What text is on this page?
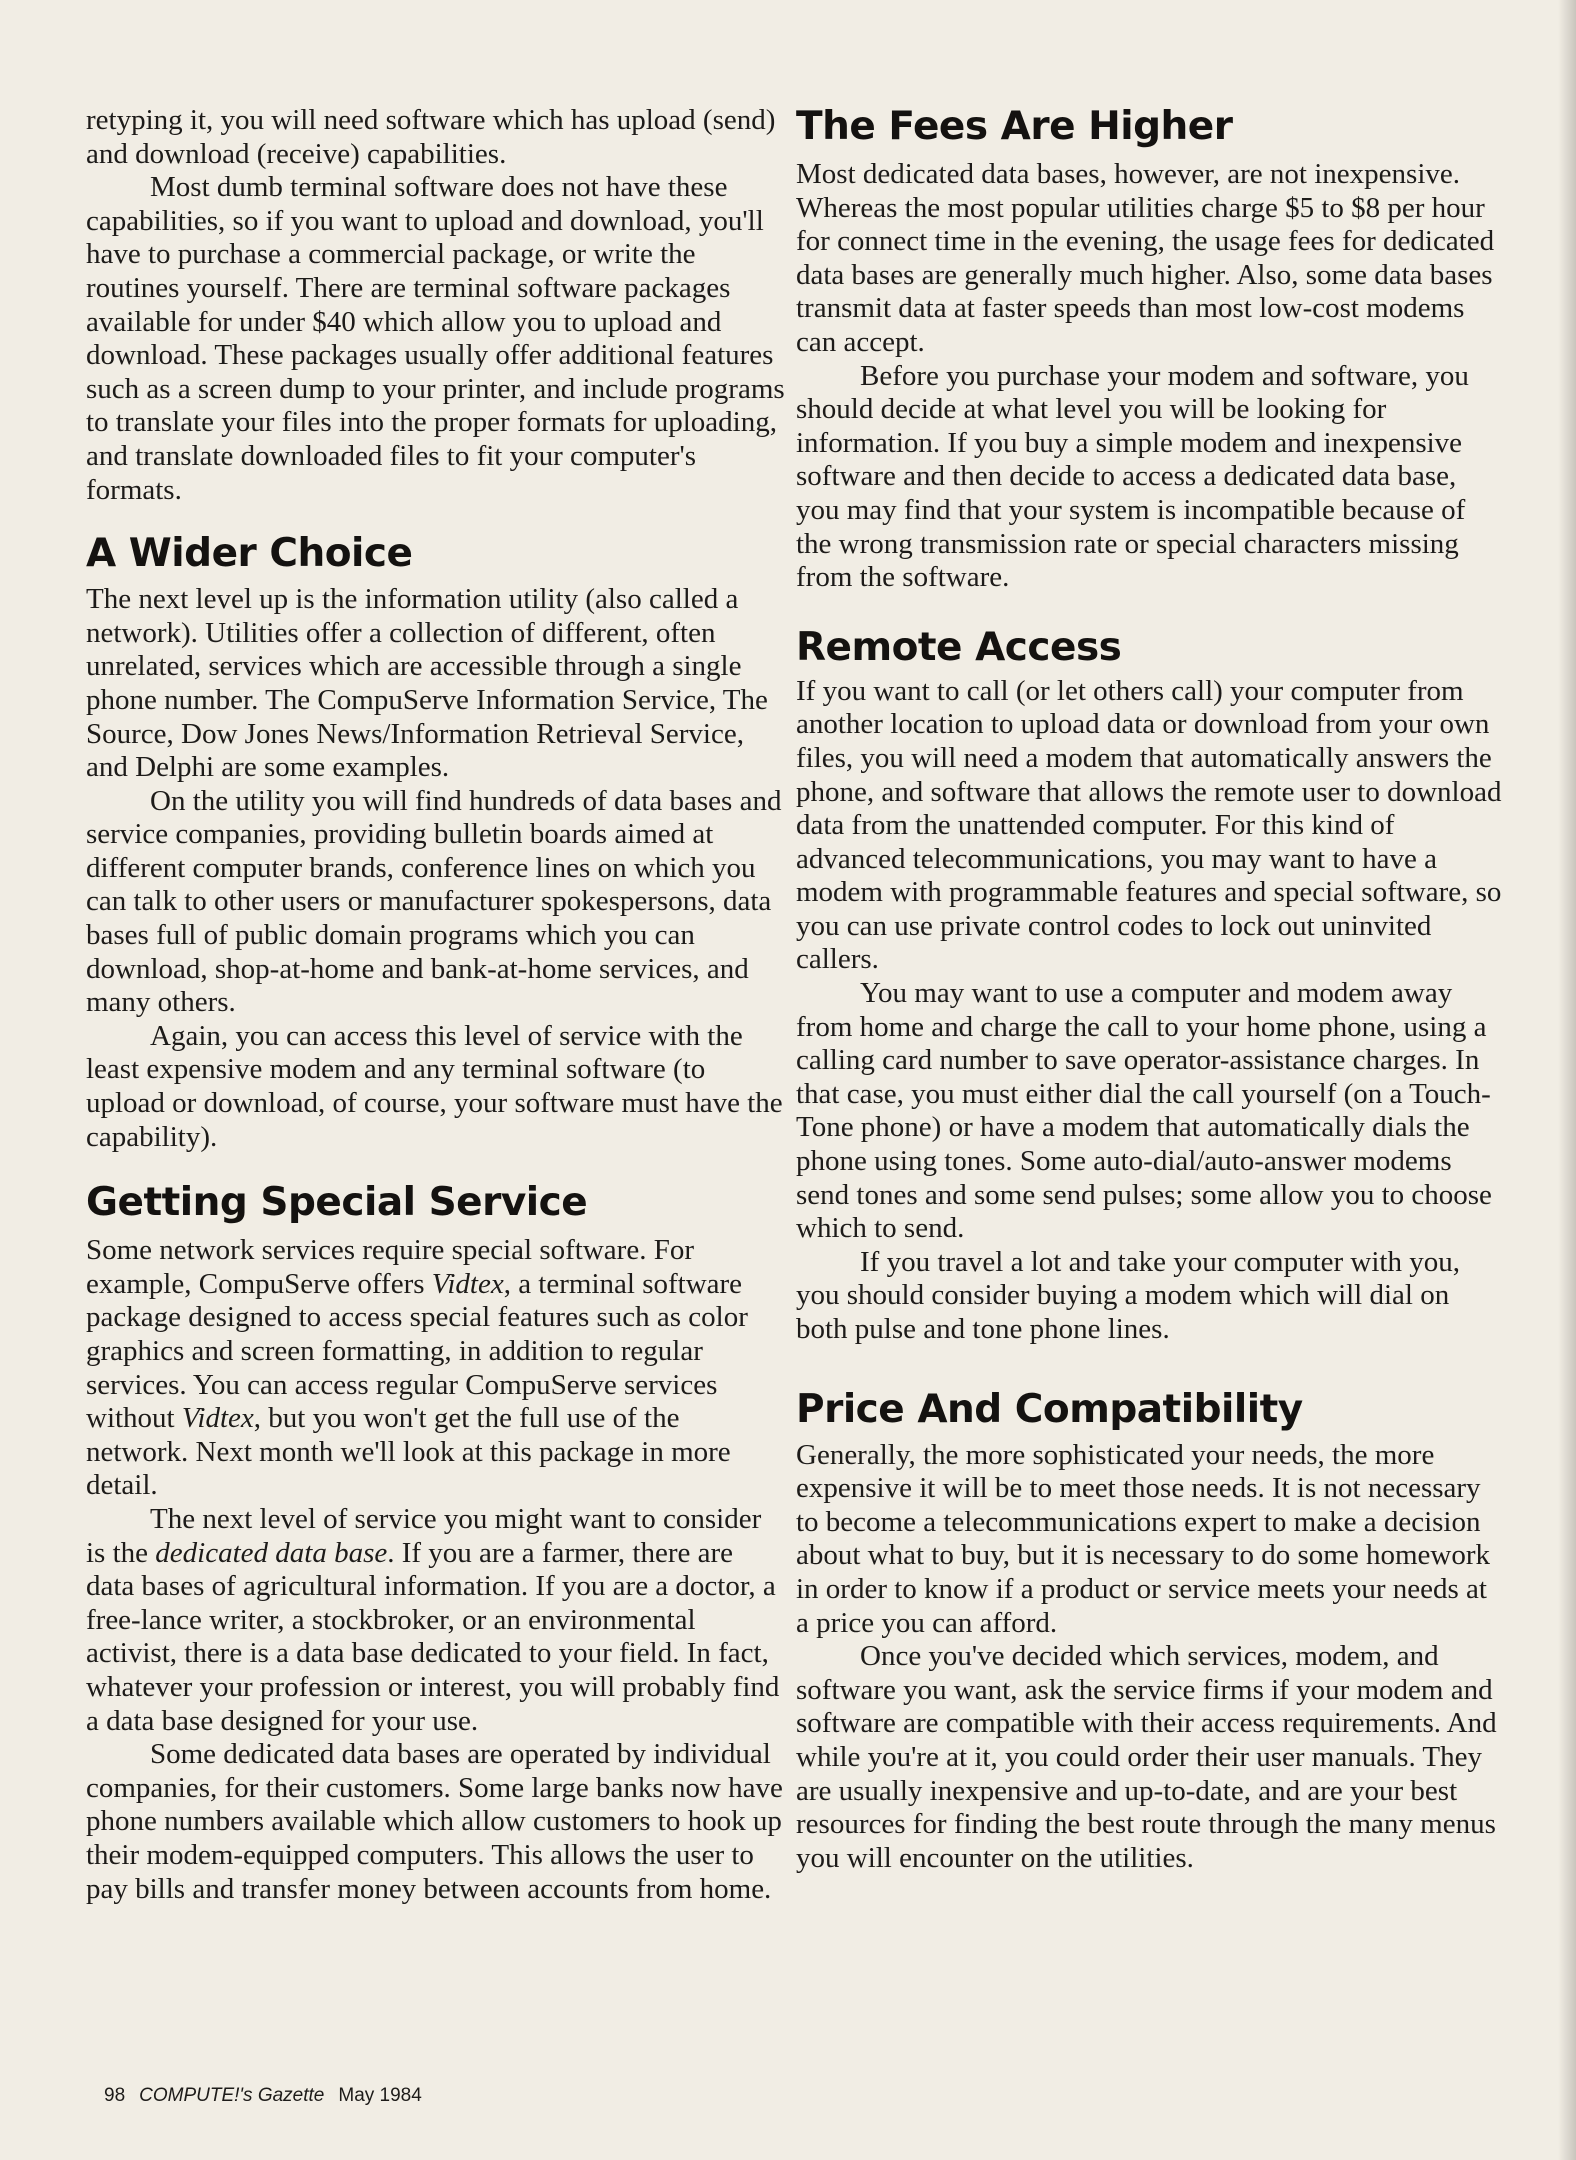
retyping it, you will need software which has upload (send) and download (receive) capabilities.

Most dumb terminal software does not have these capabilities, so if you want to upload and download, you'll have to purchase a commercial package, or write the routines yourself. There are terminal software packages available for under $40 which allow you to upload and download. These packages usually offer additional features such as a screen dump to your printer, and include programs to translate your files into the proper formats for uploading, and translate downloaded files to fit your computer's formats.

A Wider Choice

The next level up is the information utility (also called a network). Utilities offer a collection of different, often unrelated, services which are accessible through a single phone number. The CompuServe Information Service, The Source, Dow Jones News/Information Retrieval Service, and Delphi are some examples.

On the utility you will find hundreds of data bases and service companies, providing bulletin boards aimed at different computer brands, conference lines on which you can talk to other users or manufacturer spokespersons, data bases full of public domain programs which you can download, shop-at-home and bank-at-home services, and many others.

Again, you can access this level of service with the least expensive modem and any terminal software (to upload or download, of course, your software must have the capability).

Getting Special Service

Some network services require special software. For example, CompuServe offers Vidtex, a terminal software package designed to access special features such as color graphics and screen formatting, in addition to regular services. You can access regular CompuServe services without Vidtex, but you won't get the full use of the network. Next month we'll look at this package in more detail.

The next level of service you might want to consider is the dedicated data base. If you are a farmer, there are data bases of agricultural information. If you are a doctor, a free-lance writer, a stockbroker, or an environmental activist, there is a data base dedicated to your field. In fact, whatever your profession or interest, you will probably find a data base designed for your use.

Some dedicated data bases are operated by individual companies, for their customers. Some large banks now have phone numbers available which allow customers to hook up their modem-equipped computers. This allows the user to pay bills and transfer money between accounts from home.

The Fees Are Higher

Most dedicated data bases, however, are not inexpensive. Whereas the most popular utilities charge $5 to $8 per hour for connect time in the evening, the usage fees for dedicated data bases are generally much higher. Also, some data bases transmit data at faster speeds than most low-cost modems can accept.

Before you purchase your modem and software, you should decide at what level you will be looking for information. If you buy a simple modem and inexpensive software and then decide to access a dedicated data base, you may find that your system is incompatible because of the wrong transmission rate or special characters missing from the software.

Remote Access

If you want to call (or let others call) your computer from another location to upload data or download from your own files, you will need a modem that automatically answers the phone, and software that allows the remote user to download data from the unattended computer. For this kind of advanced telecommunications, you may want to have a modem with programmable features and special software, so you can use private control codes to lock out uninvited callers.

You may want to use a computer and modem away from home and charge the call to your home phone, using a calling card number to save operator-assistance charges. In that case, you must either dial the call yourself (on a Touch-Tone phone) or have a modem that automatically dials the phone using tones. Some auto-dial/auto-answer modems send tones and some send pulses; some allow you to choose which to send.

If you travel a lot and take your computer with you, you should consider buying a modem which will dial on both pulse and tone phone lines.

Price And Compatibility

Generally, the more sophisticated your needs, the more expensive it will be to meet those needs. It is not necessary to become a telecommunications expert to make a decision about what to buy, but it is necessary to do some homework in order to know if a product or service meets your needs at a price you can afford.

Once you've decided which services, modem, and software you want, ask the service firms if your modem and software are compatible with their access requirements. And while you're at it, you could order their user manuals. They are usually inexpensive and up-to-date, and are your best resources for finding the best route through the many menus you will encounter on the utilities.

98 COMPUTE!'s Gazette May 1984
